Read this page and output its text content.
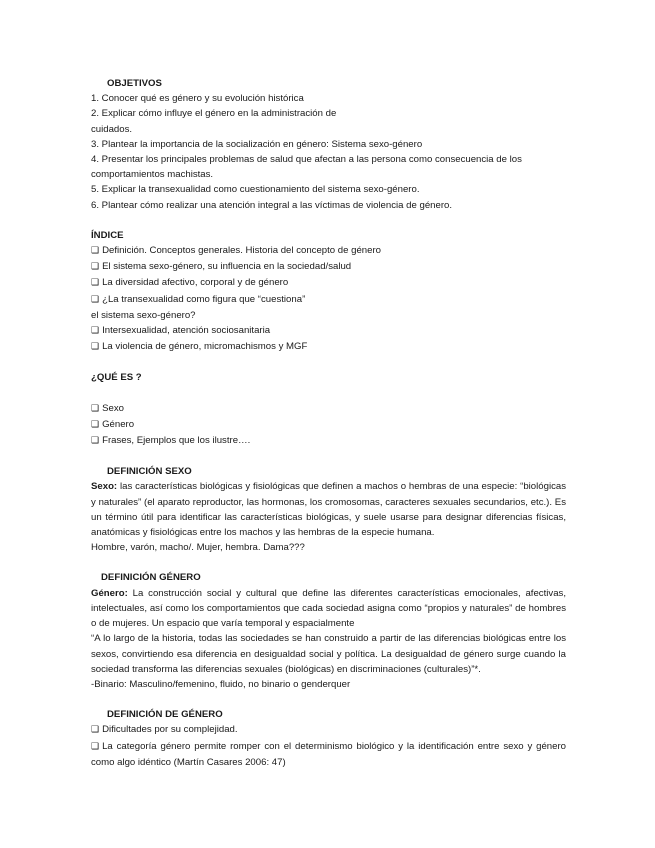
OBJETIVOS
1. Conocer qué es género y su evolución histórica
2. Explicar cómo influye el género en la administración de
cuidados.
3. Plantear la importancia de la socialización en género: Sistema sexo-género
4. Presentar los principales problemas de salud que afectan a las persona como consecuencia de los
comportamientos machistas.
5. Explicar la transexualidad como cuestionamiento del sistema sexo-género.
6. Plantear cómo realizar una atención integral a las víctimas de violencia de género.
ÍNDICE
❑ Definición. Conceptos generales. Historia del concepto de género
❑ El sistema sexo-género, su influencia en la sociedad/salud
❑ La diversidad afectivo, corporal y de género
❑ ¿La transexualidad como figura que “cuestiona”
el sistema sexo-género?
❑ Intersexualidad, atención sociosanitaria
❑ La violencia de género, micromachismos y MGF
¿QUÉ ES ?
❑ Sexo
❑ Género
❑ Frases, Ejemplos que los ilustre….
DEFINICIÓN SEXO
Sexo: las características biológicas y fisiológicas que definen a machos o hembras de una especie: “biológicas y naturales” (el aparato reproductor, las hormonas, los cromosomas, caracteres sexuales secundarios, etc.). Es un término útil para identificar las características biológicas, y suele usarse para designar diferencias físicas, anatómicas y fisiológicas entre los machos y las hembras de la especie humana.
Hombre, varón, macho/. Mujer, hembra. Dama???
DEFINICIÓN GÉNERO
Género: La construcción social y cultural que define las diferentes características emocionales, afectivas, intelectuales, así como los comportamientos que cada sociedad asigna como “propios y naturales” de hombres o de mujeres. Un espacio que varía temporal y espacialmente
“A lo largo de la historia, todas las sociedades se han construido a partir de las diferencias biológicas entre los sexos, convirtiendo esa diferencia en desigualdad social y política. La desigualdad de género surge cuando la sociedad transforma las diferencias sexuales (biológicas) en discriminaciones (culturales)”*.
-Binario: Masculino/femenino, fluido, no binario o genderquer
DEFINICIÓN DE GÉNERO
❑ Dificultades por su complejidad.
❑ La categoría género permite romper con el determinismo biológico y la identificación entre sexo y género como algo idéntico (Martín Casares 2006: 47)
